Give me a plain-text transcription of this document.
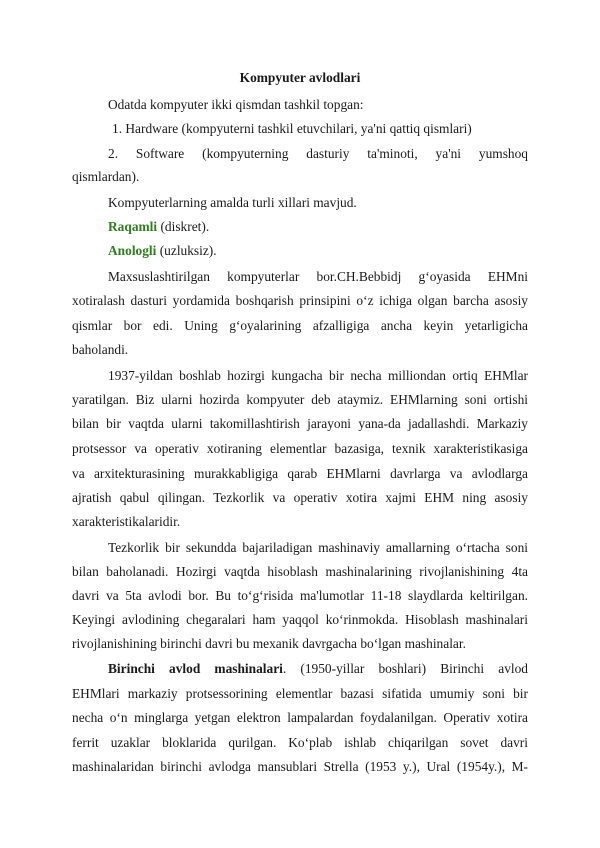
Kompyuter avlodlari
Odatda kompyuter ikki qismdan tashkil topgan:
1. Hardware (kompyuterni tashkil etuvchilari, ya'ni qattiq qismlari)
2. Software (kompyuterning dasturiy ta'minoti, ya'ni yumshoq
qismlardan).
Kompyuterlarning amalda turli xillari mavjud.
Raqamli (diskret).
Anologli (uzluksiz).
Maxsuslashtirilgan kompyuterlar bor.CH.Bebbidj g‘oyasida EHMni
xotiralash dasturi yordamida boshqarish prinsipini o‘z ichiga olgan barcha asosiy
qismlar bor edi. Uning g‘oyalarining afzalligiga ancha keyin yetarligicha
baholandi.
1937-yildan boshlab hozirgi kungacha bir necha milliondan ortiq EHMlar
yaratilgan. Biz ularni hozirda kompyuter deb ataymiz. EHMlarning soni ortishi
bilan bir vaqtda ularni takomillashtirish jarayoni yana-da jadallashdi. Markaziy
protsessor va operativ xotiraning elementlar bazasiga, texnik xarakteristikasiga
va arxitekturasining murakkabligiga qarab EHMlarni davrlarga va avlodlarga
ajratish qabul qilingan. Tezkorlik va operativ xotira xajmi EHM ning asosiy
xarakteristikalaridir.
Tezkorlik bir sekundda bajariladigan mashinaviy amallarning o‘rtacha soni
bilan baholanadi. Hozirgi vaqtda hisoblash mashinalarining rivojlanishining 4ta
davri va 5ta avlodi bor. Bu to‘g‘risida ma'lumotlar 11-18 slaydlarda keltirilgan.
Keyingi avlodining chegaralari ham yaqqol ko‘rinmokda. Hisoblash mashinalari
rivojlanishining birinchi davri bu mexanik davrgacha bo‘lgan mashinalar.
Birinchi avlod mashinalari. (1950-yillar boshlari) Birinchi avlod
EHMlari markaziy protsessorining elementlar bazasi sifatida umumiy soni bir
necha o‘n minglarga yetgan elektron lampalardan foydalanilgan. Operativ xotira
ferrit uzaklar bloklarida qurilgan. Ko‘plab ishlab chiqarilgan sovet davri
mashinalaridan birinchi avlodga mansublari Strella (1953 y.), Ural (1954y.), M-
